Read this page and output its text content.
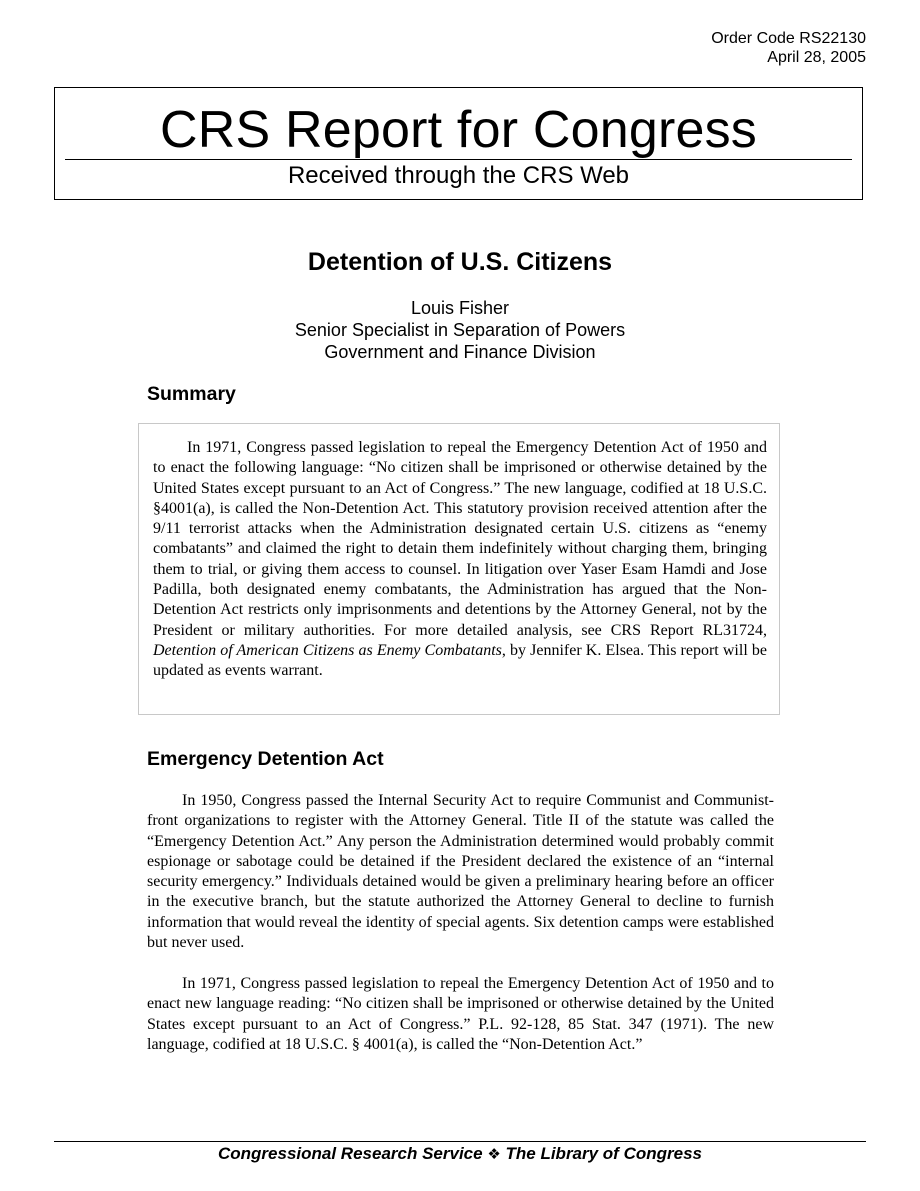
Order Code RS22130
April 28, 2005
CRS Report for Congress
Received through the CRS Web
Detention of U.S. Citizens
Louis Fisher
Senior Specialist in Separation of Powers
Government and Finance Division
Summary

In 1971, Congress passed legislation to repeal the Emergency Detention Act of 1950 and to enact the following language: “No citizen shall be imprisoned or otherwise detained by the United States except pursuant to an Act of Congress.” The new language, codified at 18 U.S.C. §4001(a), is called the Non-Detention Act. This statutory provision received attention after the 9/11 terrorist attacks when the Administration designated certain U.S. citizens as “enemy combatants” and claimed the right to detain them indefinitely without charging them, bringing them to trial, or giving them access to counsel. In litigation over Yaser Esam Hamdi and Jose Padilla, both designated enemy combatants, the Administration has argued that the Non-Detention Act restricts only imprisonments and detentions by the Attorney General, not by the President or military authorities. For more detailed analysis, see CRS Report RL31724, Detention of American Citizens as Enemy Combatants, by Jennifer K. Elsea. This report will be updated as events warrant.

Emergency Detention Act

In 1950, Congress passed the Internal Security Act to require Communist and Communist-front organizations to register with the Attorney General. Title II of the statute was called the “Emergency Detention Act.” Any person the Administration determined would probably commit espionage or sabotage could be detained if the President declared the existence of an “internal security emergency.” Individuals detained would be given a preliminary hearing before an officer in the executive branch, but the statute authorized the Attorney General to decline to furnish information that would reveal the identity of special agents. Six detention camps were established but never used.

In 1971, Congress passed legislation to repeal the Emergency Detention Act of 1950 and to enact new language reading: “No citizen shall be imprisoned or otherwise detained by the United States except pursuant to an Act of Congress.” P.L. 92-128, 85 Stat. 347 (1971). The new language, codified at 18 U.S.C. § 4001(a), is called the “Non-Detention Act.”

Congressional Research Service ❖ The Library of Congress
